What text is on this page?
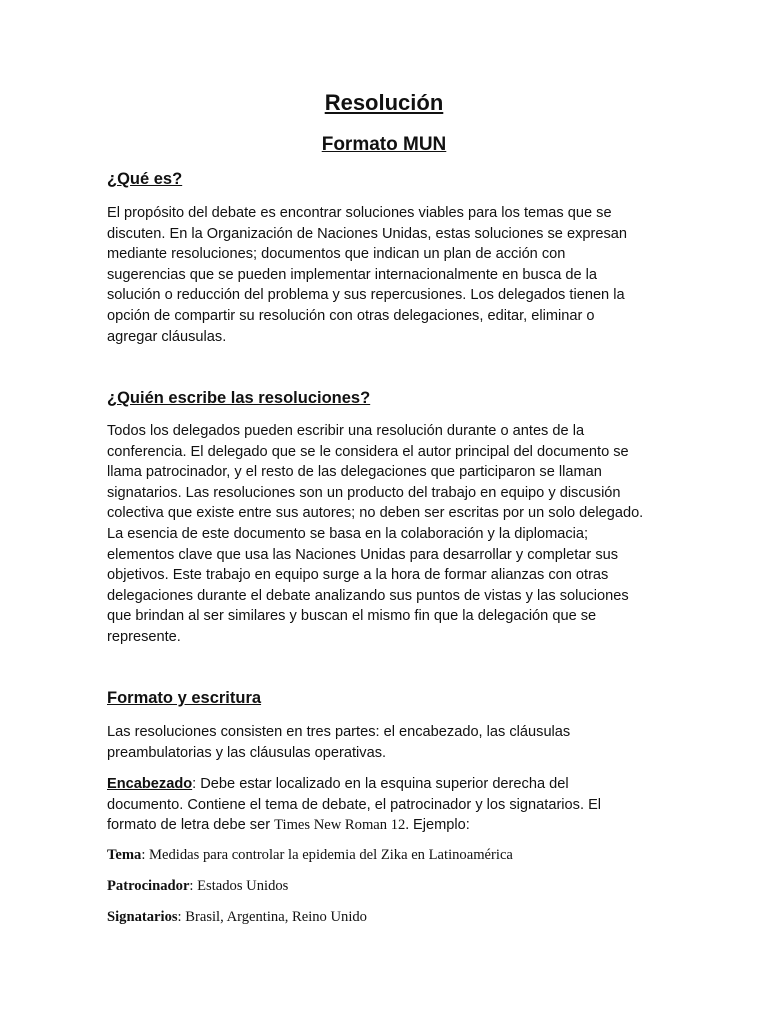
Resolución
Formato MUN
¿Qué es?

El propósito del debate es encontrar soluciones viables para los temas que se
discuten. En la Organización de Naciones Unidas, estas soluciones se expresan
mediante resoluciones; documentos que indican un plan de acción con
sugerencias que se pueden implementar internacionalmente en busca de la
solución o reducción del problema y sus repercusiones. Los delegados tienen la
opción de compartir su resolución con otras delegaciones, editar, eliminar o
agregar cláusulas.

¿Quién escribe las resoluciones?

Todos los delegados pueden escribir una resolución durante o antes de la
conferencia. El delegado que se le considera el autor principal del documento se
llama patrocinador, y el resto de las delegaciones que participaron se llaman
signatarios. Las resoluciones son un producto del trabajo en equipo y discusión
colectiva que existe entre sus autores; no deben ser escritas por un solo delegado.
La esencia de este documento se basa en la colaboración y la diplomacia;
elementos clave que usa las Naciones Unidas para desarrollar y completar sus
objetivos. Este trabajo en equipo surge a la hora de formar alianzas con otras
delegaciones durante el debate analizando sus puntos de vistas y las soluciones
que brindan al ser similares y buscan el mismo fin que la delegación que se
represente.

Formato y escritura

Las resoluciones consisten en tres partes: el encabezado, las cláusulas
preambulatorias y las cláusulas operativas.

Encabezado: Debe estar localizado en la esquina superior derecha del
documento. Contiene el tema de debate, el patrocinador y los signatarios. El
formato de letra debe ser Times New Roman 12. Ejemplo:

Tema: Medidas para controlar la epidemia del Zika en Latinoamérica

Patrocinador: Estados Unidos

Signatarios: Brasil, Argentina, Reino Unido
